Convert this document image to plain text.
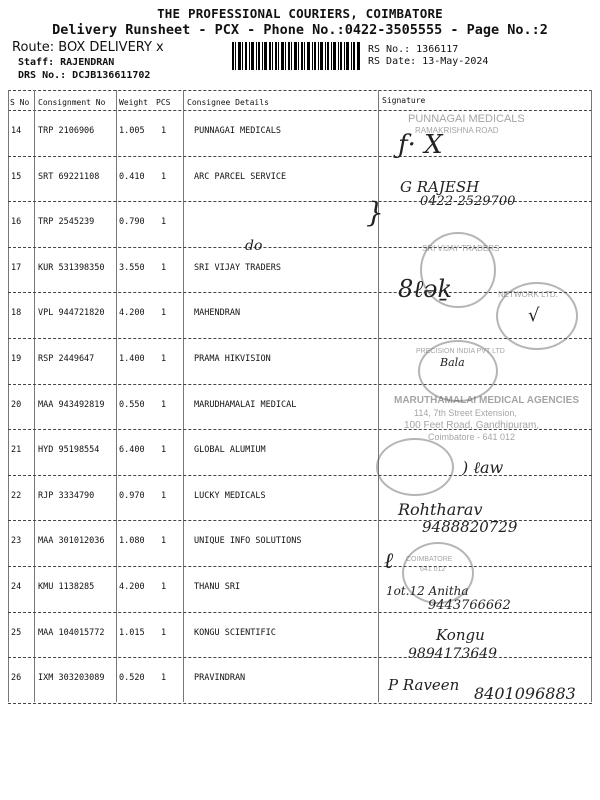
THE PROFESSIONAL COURIERS, COIMBATORE
Delivery Runsheet - PCX - Phone No.:0422-3505555 - Page No.:2
Route: BOX DELIVERY x
Staff: RAJENDRAN
DRS No.: DCJB136611702
RS No.: 1366117
RS Date: 13-May-2024
S No Consignment No Weight PCS Consignee Details	Signature
14 TRP 2106906	1.005 1	PUNNAGAI MEDICALS
15 SRT 69221108 0.410 1	ARC PARCEL SERVICE
16 TRP 2545239	0.790 1
17 KUR 531398350 3.550 1	SRI VIJAY TRADERS
18 VPL 944721820 4.200 1	MAHENDRAN
19 RSP 2449647	1.400 1	PRAMA HIKVISION
20 MAA 943492819 0.550 1	MARUDHAMALAI MEDICAL
21 HYD 95198554 6.400 1	GLOBAL ALUMIUM
22 RJP 3334790	0.970 1	LUCKY MEDICALS
23 MAA 301012036 1.080 1	UNIQUE INFO SOLUTIONS
24 KMU 1138285	4.200 1	THANU SRI
25 MAA 104015772 1.015 1	KONGU SCIENTIFIC
26 IXM 303203089 0.520 1	PRAVINDRAN
PUNNAGAI MEDICALS
RAMAKRISHNA ROAD
ƒ· Х
G RAJESH
0422-2529700
}
do	SRI VIJAY TRADERS
8ℓəḵ	NETWORK LTD.
√
PRECISION INDIA PVT LTD
Bala
MARUTHAMALAI MEDICAL AGENCIES
114, 7th Street Extension,
100 Feet Road, Gandhipuram,
Coimbatore - 641 012
) ℓaw
Rohtharav
9488820729
COIMBATORE
641 012
ℓ
1ot.12 Anitha
9443766662
Kongu
9894173649
P Raveen 8401096883
